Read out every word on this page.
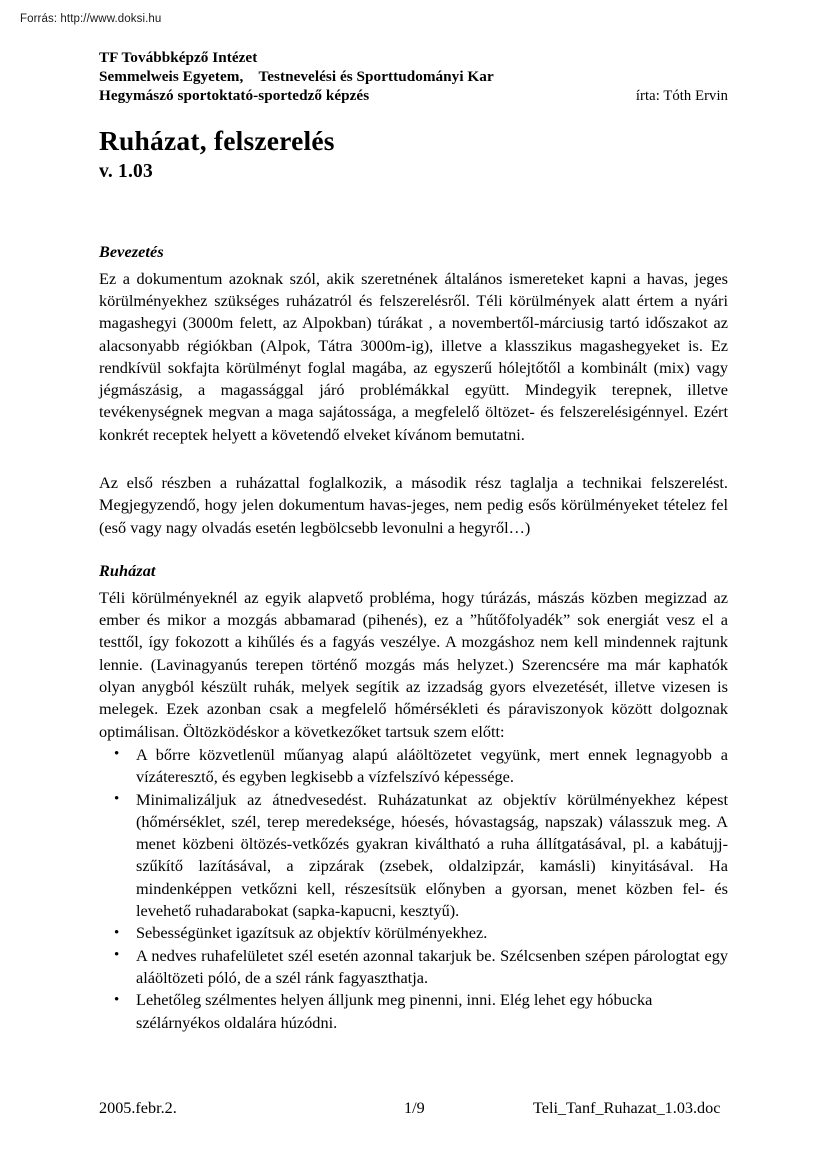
Forrás: http://www.doksi.hu
TF Továbbképző Intézet
Semmelweis Egyetem,    Testnevelési és Sporttudományi Kar
Hegymászó sportoktató-sportedző képzés	írta: Tóth Ervin
Ruházat, felszerelés
v. 1.03
Bevezetés

Ez a dokumentum azoknak szól, akik szeretnének általános ismereteket kapni a havas, jeges körülményekhez szükséges ruházatról és felszerelésről. Téli körülmények alatt értem a nyári magashegyi (3000m felett, az Alpokban) túrákat , a novembertől-márciusig tartó időszakot az alacsonyabb régiókban (Alpok, Tátra 3000m-ig), illetve a klasszikus magashegyeket is. Ez rendkívül sokfajta körülményt foglal magába, az egyszerű hólejtőtől a kombinált (mix) vagy jégmászásig, a magassággal járó problémákkal együtt. Mindegyik terepnek, illetve tevékenységnek megvan a maga sajátossága, a megfelelő öltözet- és felszerelésigénnyel. Ezért konkrét receptek helyett a követendő elveket kívánom bemutatni.

Az első részben a ruházattal foglalkozik, a második rész taglalja a technikai felszerelést. Megjegyzendő, hogy jelen dokumentum havas-jeges, nem pedig esős körülményeket tételez fel (eső vagy nagy olvadás esetén legbölcsebb levonulni a hegyről…)

Ruházat

Téli körülményeknél az egyik alapvető probléma, hogy túrázás, mászás közben megizzad az ember és mikor a mozgás abbamarad (pihenés), ez a ”hűtőfolyadék” sok energiát vesz el a testtől, így fokozott a kihűlés és a fagyás veszélye. A mozgáshoz nem kell mindennek rajtunk lennie. (Lavinagyanús terepen történő mozgás más helyzet.) Szerencsére ma már kaphatók olyan anygból készült ruhák, melyek segítik az izzadság gyors elvezetését, illetve vizesen is melegek. Ezek azonban csak a megfelelő hőmérsékleti és páraviszonyok között dolgoznak optimálisan. Öltözködéskor a következőket tartsuk szem előtt:

• A bőrre közvetlenül műanyag alapú aláöltözetet vegyünk, mert ennek legnagyobb a vízáteresztő, és egyben legkisebb a vízfelszívó képessége.
• Minimalizáljuk az átnedvesedést. Ruházatunkat az objektív körülményekhez képest (hőmérséklet, szél, terep meredeksége, hóesés, hóvastagság, napszak) válasszuk meg. A menet közbeni öltözés-vetkőzés gyakran kiváltható a ruha állítgatásával, pl. a kabátujj-szűkítő lazításával, a zipzárak (zsebek, oldalzipzár, kamásli) kinyitásával. Ha mindenképpen vetkőzni kell, részesítsük előnyben a gyorsan, menet közben fel- és levehető ruhadarabokat (sapka-kapucni, kesztyű).
• Sebességünket igazítsuk az objektív körülményekhez.
• A nedves ruhafelületet szél esetén azonnal takarjuk be. Szélcsenben szépen párologtat egy aláöltözeti póló, de a szél ránk fagyaszthatja.
• Lehetőleg szélmentes helyen álljunk meg pinenni, inni. Elég lehet egy hóbucka szélárnyékos oldalára húzódni.
2005.febr.2.	1/9	Teli_Tanf_Ruhazat_1.03.doc
